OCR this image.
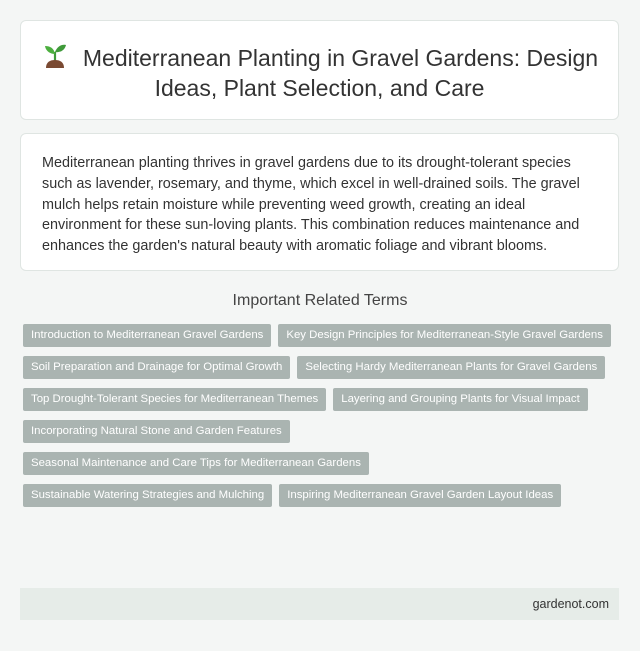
Mediterranean Planting in Gravel Gardens: Design Ideas, Plant Selection, and Care

Mediterranean planting thrives in gravel gardens due to its drought-tolerant species such as lavender, rosemary, and thyme, which excel in well-drained soils. The gravel mulch helps retain moisture while preventing weed growth, creating an ideal environment for these sun-loving plants. This combination reduces maintenance and enhances the garden's natural beauty with aromatic foliage and vibrant blooms.

Important Related Terms
Introduction to Mediterranean Gravel Gardens	Key Design Principles for Mediterranean-Style Gravel Gardens
Soil Preparation and Drainage for Optimal Growth	Selecting Hardy Mediterranean Plants for Gravel Gardens
Top Drought-Tolerant Species for Mediterranean Themes	Layering and Grouping Plants for Visual Impact
Incorporating Natural Stone and Garden Features
Seasonal Maintenance and Care Tips for Mediterranean Gardens
Sustainable Watering Strategies and Mulching	Inspiring Mediterranean Gravel Garden Layout Ideas
gardenot.com
